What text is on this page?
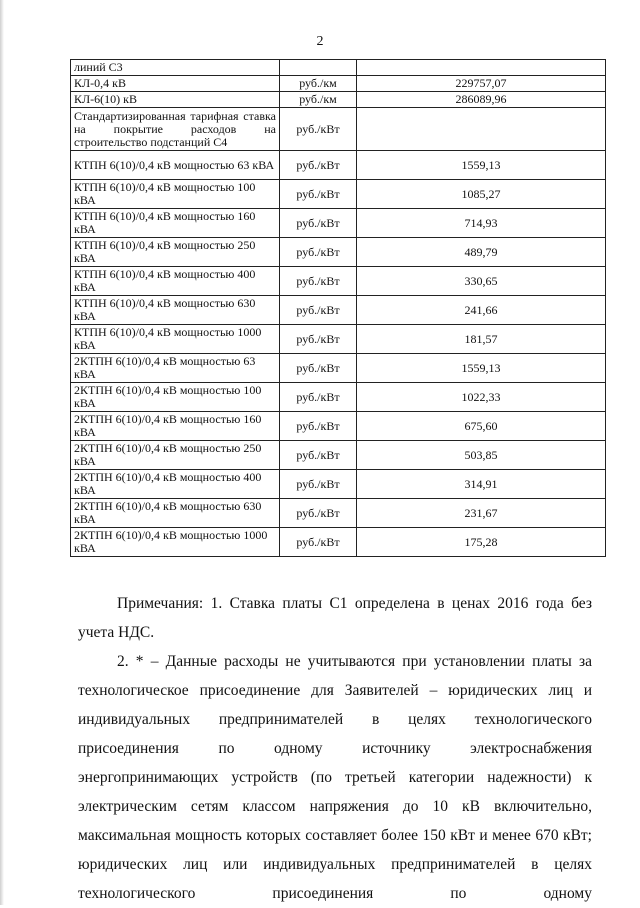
2
линий С3		
КЛ-0,4 кВ	руб./км	229757,07
КЛ-6(10) кВ	руб./км	286089,96
Стандартизированная тарифная ставка на покрытие расходов на строительство подстанций С4	руб./кВт	
КТПН 6(10)/0,4 кВ мощностью 63 кВА	руб./кВт	1559,13
КТПН 6(10)/0,4 кВ мощностью 100 кВА	руб./кВт	1085,27
КТПН 6(10)/0,4 кВ мощностью 160 кВА	руб./кВт	714,93
КТПН 6(10)/0,4 кВ мощностью 250 кВА	руб./кВт	489,79
КТПН 6(10)/0,4 кВ мощностью 400 кВА	руб./кВт	330,65
КТПН 6(10)/0,4 кВ мощностью 630 кВА	руб./кВт	241,66
КТПН 6(10)/0,4 кВ мощностью 1000 кВА	руб./кВт	181,57
2КТПН 6(10)/0,4 кВ мощностью 63 кВА	руб./кВт	1559,13
2КТПН 6(10)/0,4 кВ мощностью 100 кВА	руб./кВт	1022,33
2КТПН 6(10)/0,4 кВ мощностью 160 кВА	руб./кВт	675,60
2КТПН 6(10)/0,4 кВ мощностью 250 кВА	руб./кВт	503,85
2КТПН 6(10)/0,4 кВ мощностью 400 кВА	руб./кВт	314,91
2КТПН 6(10)/0,4 кВ мощностью 630 кВА	руб./кВт	231,67
2КТПН 6(10)/0,4 кВ мощностью 1000 кВА	руб./кВт	175,28

Примечания: 1. Ставка платы С1 определена в ценах 2016 года без учета НДС.

2. * – Данные расходы не учитываются при установлении платы за технологическое присоединение для Заявителей – юридических лиц и индивидуальных предпринимателей в целях технологического присоединения по одному источнику электроснабжения энергопринимающих устройств (по третьей категории надежности) к электрическим сетям классом напряжения до 10 кВ включительно, максимальная мощность которых составляет более 150 кВт и менее 670 кВт; юридических лиц или индивидуальных предпринимателей в целях технологического присоединения по одному
